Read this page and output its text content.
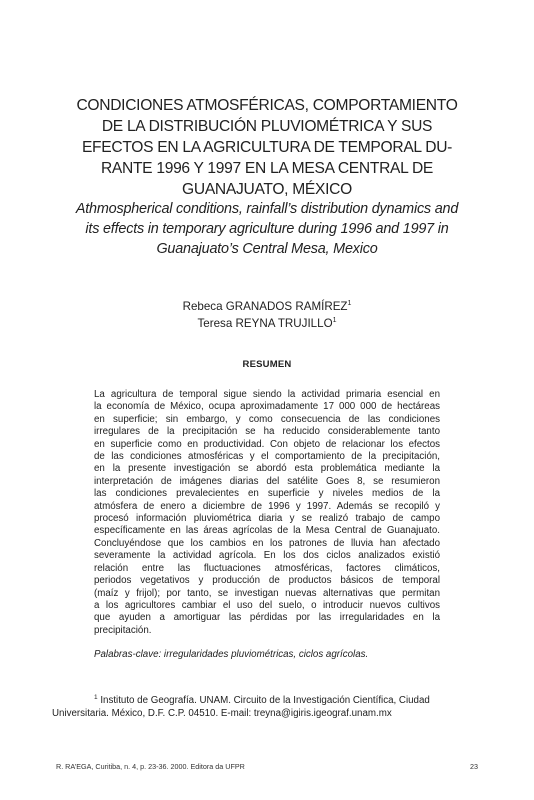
CONDICIONES ATMOSFÉRICAS, COMPORTAMIENTO
DE LA DISTRIBUCIÓN PLUVIOMÉTRICA Y SUS
EFECTOS EN LA AGRICULTURA DE TEMPORAL DU-
RANTE 1996 Y 1997 EN LA MESA CENTRAL DE
GUANAJUATO, MÉXICO
Athmospherical conditions, rainfall’s distribution dynamics and
its effects in temporary agriculture during 1996 and 1997 in
Guanajuato’s Central Mesa, Mexico
Rebeca GRANADOS RAMÍREZ$^1$
Teresa REYNA TRUJILLO$^1$
RESUMEN
La agricultura de temporal sigue siendo la actividad primaria esencial en
la economía de México, ocupa aproximadamente 17 000 000 de hectáreas
en superficie; sin embargo, y como consecuencia de las condiciones
irregulares de la precipitación se ha reducido considerablemente tanto
en superficie como en productividad. Con objeto de relacionar los efectos
de las condiciones atmosféricas y el comportamiento de la precipitación,
en la presente investigación se abordó esta problemática mediante la
interpretación de imágenes diarias del satélite Goes 8, se resumieron
las condiciones prevalecientes en superficie y niveles medios de la
atmósfera de enero a diciembre de 1996 y 1997. Además se recopiló y
procesó información pluviométrica diaria y se realizó trabajo de campo
específicamente en las áreas agrícolas de la Mesa Central de Guanajuato.
Concluyéndose que los cambios en los patrones de lluvia han afectado
severamente la actividad agrícola. En los dos ciclos analizados existió
relación entre las fluctuaciones atmosféricas, factores climáticos,
periodos vegetativos y producción de productos básicos de temporal
(maíz y frijol); por tanto, se investigan nuevas alternativas que permitan
a los agricultores cambiar el uso del suelo, o introducir nuevos cultivos
que ayuden a amortiguar las pérdidas por las irregularidades en la
precipitación.
Palabras-clave: irregularidades pluviométricas, ciclos agrícolas.
$^1$ Instituto de Geografía. UNAM. Circuito de la Investigación Científica, Ciudad
Universitaria. México, D.F. C.P. 04510. E-mail: treyna@igiris.igeograf.unam.mx
R. RA’EGA, Curitiba, n. 4, p. 23-36. 2000. Editora da UFPR	23
